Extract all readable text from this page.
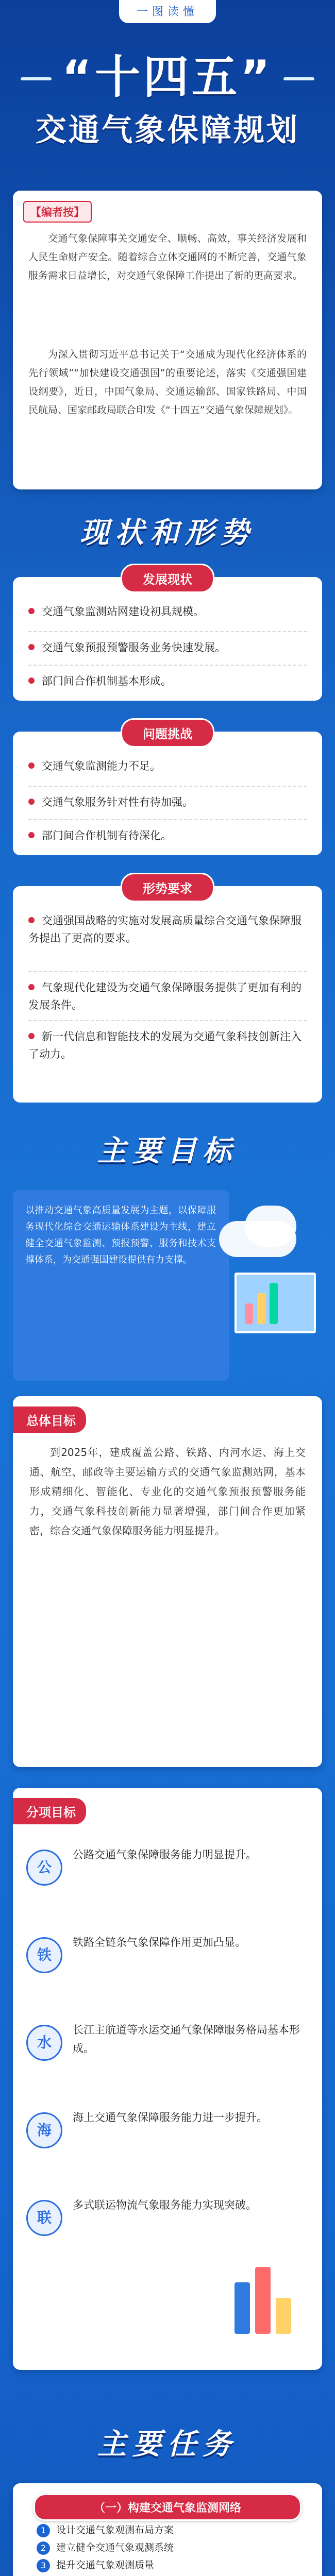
一图读懂
“十四五”
交通气象保障规划
【编者按】
交通气象保障事关交通安全、顺畅、高效，事关经济发展和人民生命财产安全。随着综合立体交通网的不断完善，交通气象服务需求日益增长，对交通气象保障工作提出了新的更高要求。
为深入贯彻习近平总书记关于“交通成为现代化经济体系的先行领域”“加快建设交通强国”的重要论述，落实《交通强国建设纲要》，近日，中国气象局、交通运输部、国家铁路局、中国民航局、国家邮政局联合印发《“十四五”交通气象保障规划》。
现状和形势
发展现状
交通气象监测站网建设初具规模。
交通气象预报预警服务业务快速发展。
部门间合作机制基本形成。
问题挑战
交通气象监测能力不足。
交通气象服务针对性有待加强。
部门间合作机制有待深化。
形势要求
交通强国战略的实施对发展高质量综合交通气象保障服务提出了更高的要求。
气象现代化建设为交通气象保障服务提供了更加有利的发展条件。
新一代信息和智能技术的发展为交通气象科技创新注入了动力。
主要目标
以推动交通气象高质量发展为主题，以保障服务现代化综合交通运输体系建设为主线，建立健全交通气象监测、预报预警、服务和技术支撑体系，为交通强国建设提供有力支撑。
总体目标
到2025年，建成覆盖公路、铁路、内河水运、海上交通、航空、邮政等主要运输方式的交通气象监测站网，基本形成精细化、智能化、专业化的交通气象预报预警服务能力，交通气象科技创新能力显著增强，部门间合作更加紧密，综合交通气象保障服务能力明显提升。
分项目标
公
公路交通气象保障服务能力明显提升。
铁
铁路全链条气象保障作用更加凸显。
水
长江主航道等水运交通气象保障服务格局基本形成。
海
海上交通气象保障服务能力进一步提升。
联
多式联运物流气象服务能力实现突破。
主要任务
（一）构建交通气象监测网络
1 设计交通气象观测布局方案
2 建立健全交通气象观测系统
3 提升交通气象观测质量
